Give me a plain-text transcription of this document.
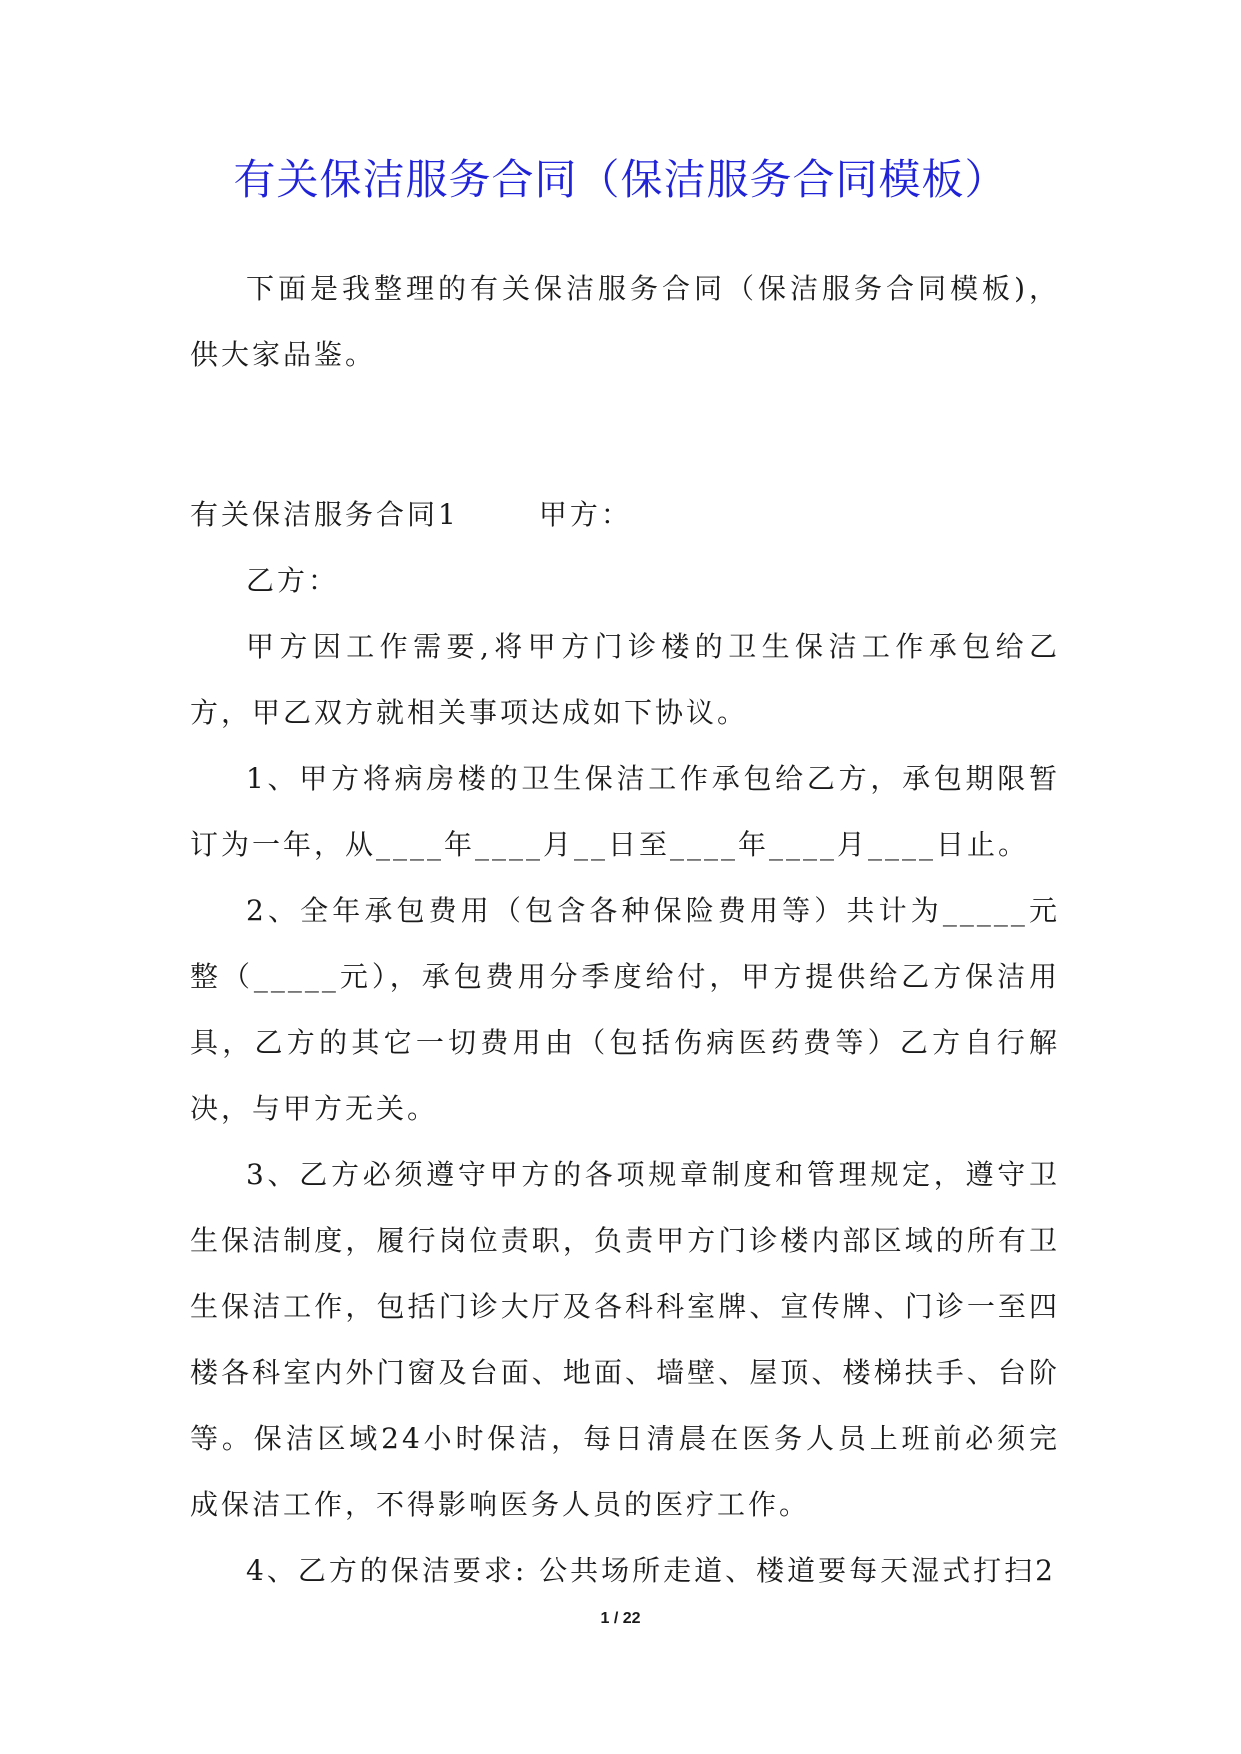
有关保洁服务合同（保洁服务合同模板）

下面是我整理的有关保洁服务合同（保洁服务合同模板)，供大家品鉴。

有关保洁服务合同1	甲方：

乙方：

甲方因工作需要,将甲方门诊楼的卫生保洁工作承包给乙方，甲乙双方就相关事项达成如下协议。

1、甲方将病房楼的卫生保洁工作承包给乙方，承包期限暂订为一年，从____年____月__日至____年____月____日止。

2、全年承包费用（包含各种保险费用等）共计为_____元整（_____元），承包费用分季度给付，甲方提供给乙方保洁用具，乙方的其它一切费用由（包括伤病医药费等）乙方自行解决，与甲方无关。

3、乙方必须遵守甲方的各项规章制度和管理规定，遵守卫生保洁制度，履行岗位责职，负责甲方门诊楼内部区域的所有卫生保洁工作，包括门诊大厅及各科科室牌、宣传牌、门诊一至四楼各科室内外门窗及台面、地面、墙壁、屋顶、楼梯扶手、台阶等。保洁区域24小时保洁，每日清晨在医务人员上班前必须完成保洁工作，不得影响医务人员的医疗工作。

4、乙方的保洁要求: 公共场所走道、楼道要每天湿式打扫2

1 / 22
